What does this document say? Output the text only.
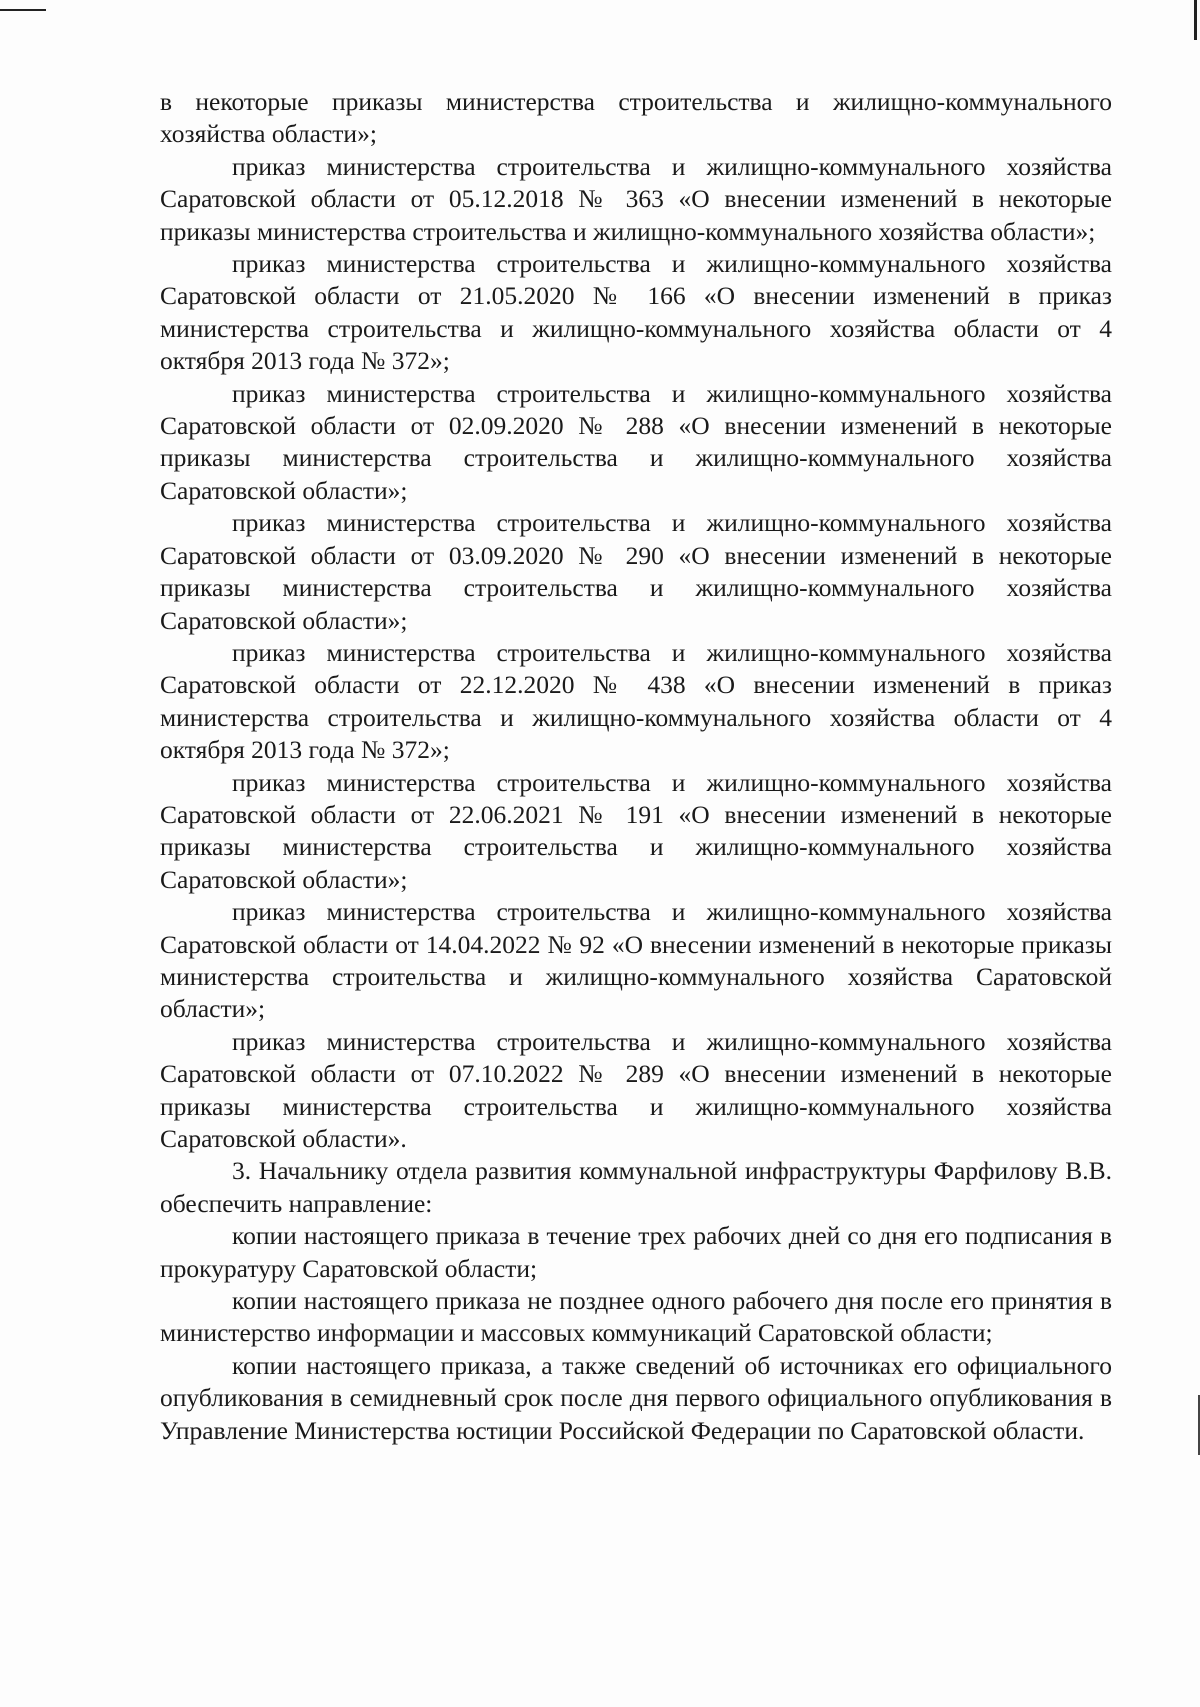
в некоторые приказы министерства строительства и жилищно-коммунального хозяйства области»;

приказ министерства строительства и жилищно-коммунального хозяйства Саратовской области от 05.12.2018 № 363 «О внесении изменений в некоторые приказы министерства строительства и жилищно-коммунального хозяйства области»;

приказ министерства строительства и жилищно-коммунального хозяйства Саратовской области от 21.05.2020 № 166 «О внесении изменений в приказ министерства строительства и жилищно-коммунального хозяйства области от 4 октября 2013 года № 372»;

приказ министерства строительства и жилищно-коммунального хозяйства Саратовской области от 02.09.2020 № 288 «О внесении изменений в некоторые приказы министерства строительства и жилищно-коммунального хозяйства Саратовской области»;

приказ министерства строительства и жилищно-коммунального хозяйства Саратовской области от 03.09.2020 № 290 «О внесении изменений в некоторые приказы министерства строительства и жилищно-коммунального хозяйства Саратовской области»;

приказ министерства строительства и жилищно-коммунального хозяйства Саратовской области от 22.12.2020 № 438 «О внесении изменений в приказ министерства строительства и жилищно-коммунального хозяйства области от 4 октября 2013 года № 372»;

приказ министерства строительства и жилищно-коммунального хозяйства Саратовской области от 22.06.2021 № 191 «О внесении изменений в некоторые приказы министерства строительства и жилищно-коммунального хозяйства Саратовской области»;

приказ министерства строительства и жилищно-коммунального хозяйства Саратовской области от 14.04.2022 № 92 «О внесении изменений в некоторые приказы министерства строительства и жилищно-коммунального хозяйства Саратовской области»;

приказ министерства строительства и жилищно-коммунального хозяйства Саратовской области от 07.10.2022 № 289 «О внесении изменений в некоторые приказы министерства строительства и жилищно-коммунального хозяйства Саратовской области».

3. Начальнику отдела развития коммунальной инфраструктуры Фарфилову В.В. обеспечить направление:

копии настоящего приказа в течение трех рабочих дней со дня его подписания в прокуратуру Саратовской области;

копии настоящего приказа не позднее одного рабочего дня после его принятия в министерство информации и массовых коммуникаций Саратовской области;

копии настоящего приказа, а также сведений об источниках его официального опубликования в семидневный срок после дня первого официального опубликования в Управление Министерства юстиции Российской Федерации по Саратовской области.
